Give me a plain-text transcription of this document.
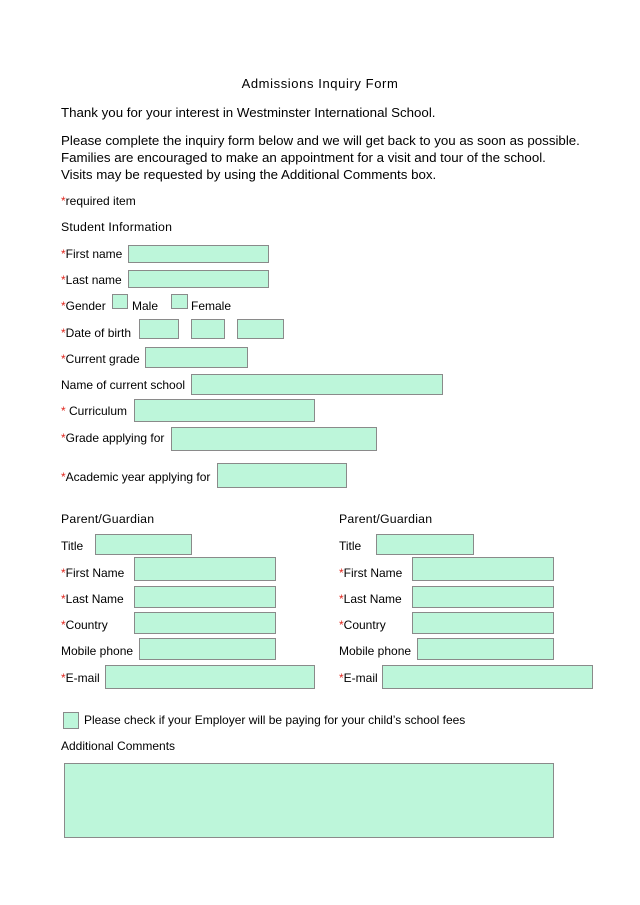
Admissions Inquiry Form
Thank you for your interest in Westminster International School.
Please complete the inquiry form below and we will get back to you as soon as possible. Families are encouraged to make an appointment for a visit and tour of the school. Visits may be requested by using the Additional Comments box.
*required item
Student Information
*First name
*Last name
*Gender Male	Female
*Date of birth
*Current grade
Name of current school
* Curriculum
*Grade applying for
*Academic year applying for
Parent/Guardian
Title
*First Name
*Last Name
*Country
Mobile phone
*E-mail
Parent/Guardian
Title
*First Name
*Last Name
*Country
Mobile phone
*E-mail
Please check if your Employer will be paying for your child’s school fees
Additional Comments
